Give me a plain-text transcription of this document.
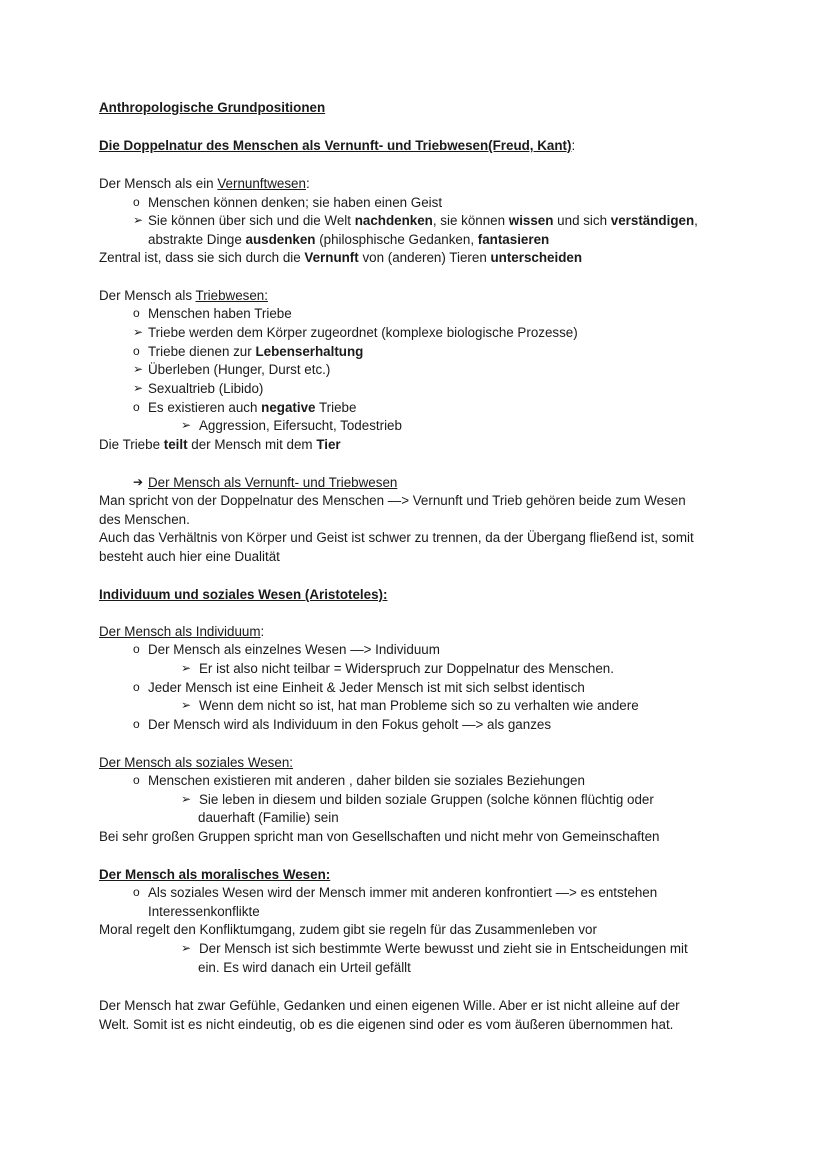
Anthropologische Grundpositionen
Die Doppelnatur des Menschen als Vernunft- und Triebwesen(Freud, Kant):
Der Mensch als ein Vernunftwesen:
o Menschen können denken; sie haben einen Geist
➢ Sie können über sich und die Welt nachdenken, sie können wissen und sich verständigen,
abstrakte Dinge ausdenken (philosphische Gedanken, fantasieren
Zentral ist, dass sie sich durch die Vernunft von (anderen) Tieren unterscheiden
Der Mensch als Triebwesen:
o Menschen haben Triebe
➢ Triebe werden dem Körper zugeordnet (komplexe biologische Prozesse)
o Triebe dienen zur Lebenserhaltung
➢ Überleben (Hunger, Durst etc.)
➢ Sexualtrieb (Libido)
o Es existieren auch negative Triebe
➢ Aggression, Eifersucht, Todestrieb
Die Triebe teilt der Mensch mit dem Tier
➔ Der Mensch als Vernunft- und Triebwesen
Man spricht von der Doppelnatur des Menschen —> Vernunft und Trieb gehören beide zum Wesen
des Menschen.
Auch das Verhältnis von Körper und Geist ist schwer zu trennen, da der Übergang fließend ist, somit
besteht auch hier eine Dualität
Individuum und soziales Wesen (Aristoteles):
Der Mensch als Individuum:
o Der Mensch als einzelnes Wesen —> Individuum
➢ Er ist also nicht teilbar = Widerspruch zur Doppelnatur des Menschen.
o Jeder Mensch ist eine Einheit & Jeder Mensch ist mit sich selbst identisch
➢ Wenn dem nicht so ist, hat man Probleme sich so zu verhalten wie andere
o Der Mensch wird als Individuum in den Fokus geholt —> als ganzes
Der Mensch als soziales Wesen:
o Menschen existieren mit anderen , daher bilden sie soziales Beziehungen
➢ Sie leben in diesem und bilden soziale Gruppen (solche können flüchtig oder
dauerhaft (Familie) sein
Bei sehr großen Gruppen spricht man von Gesellschaften und nicht mehr von Gemeinschaften
Der Mensch als moralisches Wesen:
o Als soziales Wesen wird der Mensch immer mit anderen konfrontiert —> es entstehen
Interessenkonflikte
Moral regelt den Konfliktumgang, zudem gibt sie regeln für das Zusammenleben vor
➢ Der Mensch ist sich bestimmte Werte bewusst und zieht sie in Entscheidungen mit
ein. Es wird danach ein Urteil gefällt
Der Mensch hat zwar Gefühle, Gedanken und einen eigenen Wille. Aber er ist nicht alleine auf der
Welt. Somit ist es nicht eindeutig, ob es die eigenen sind oder es vom äußeren übernommen hat.
